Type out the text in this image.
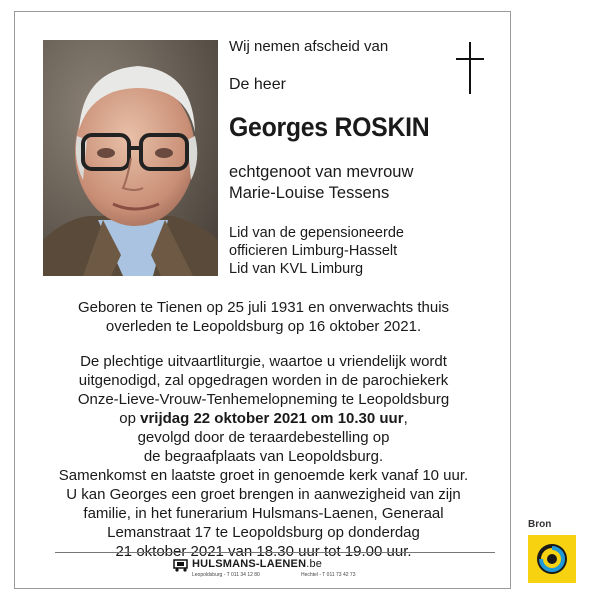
Wij nemen afscheid van
De heer
Georges ROSKIN
echtgenoot van mevrouw
Marie-Louise Tessens
Lid van de gepensioneerde
officieren Limburg-Hasselt
Lid van KVL Limburg
Geboren te Tienen op 25 juli 1931 en onverwachts thuis
overleden te Leopoldsburg op 16 oktober 2021.
De plechtige uitvaartliturgie, waartoe u vriendelijk wordt
uitgenodigd, zal opgedragen worden in de parochiekerk
Onze-Lieve-Vrouw-Tenhemelopneming te Leopoldsburg
op vrijdag 22 oktober 2021 om 10.30 uur,
gevolgd door de teraardebestelling op
de begraafplaats van Leopoldsburg.
Samenkomst en laatste groet in genoemde kerk vanaf 10 uur.
U kan Georges een groet brengen in aanwezigheid van zijn
familie, in het funerarium Hulsmans-Laenen, Generaal
Lemanstraat 17 te Leopoldsburg op donderdag
21 oktober 2021 van 18.30 uur tot 19.00 uur.
HULSMANS-LAENEN.be
Leopoldsburg - T 011 34 12 80	Hechtel - T 011 73 42 73
Bron
